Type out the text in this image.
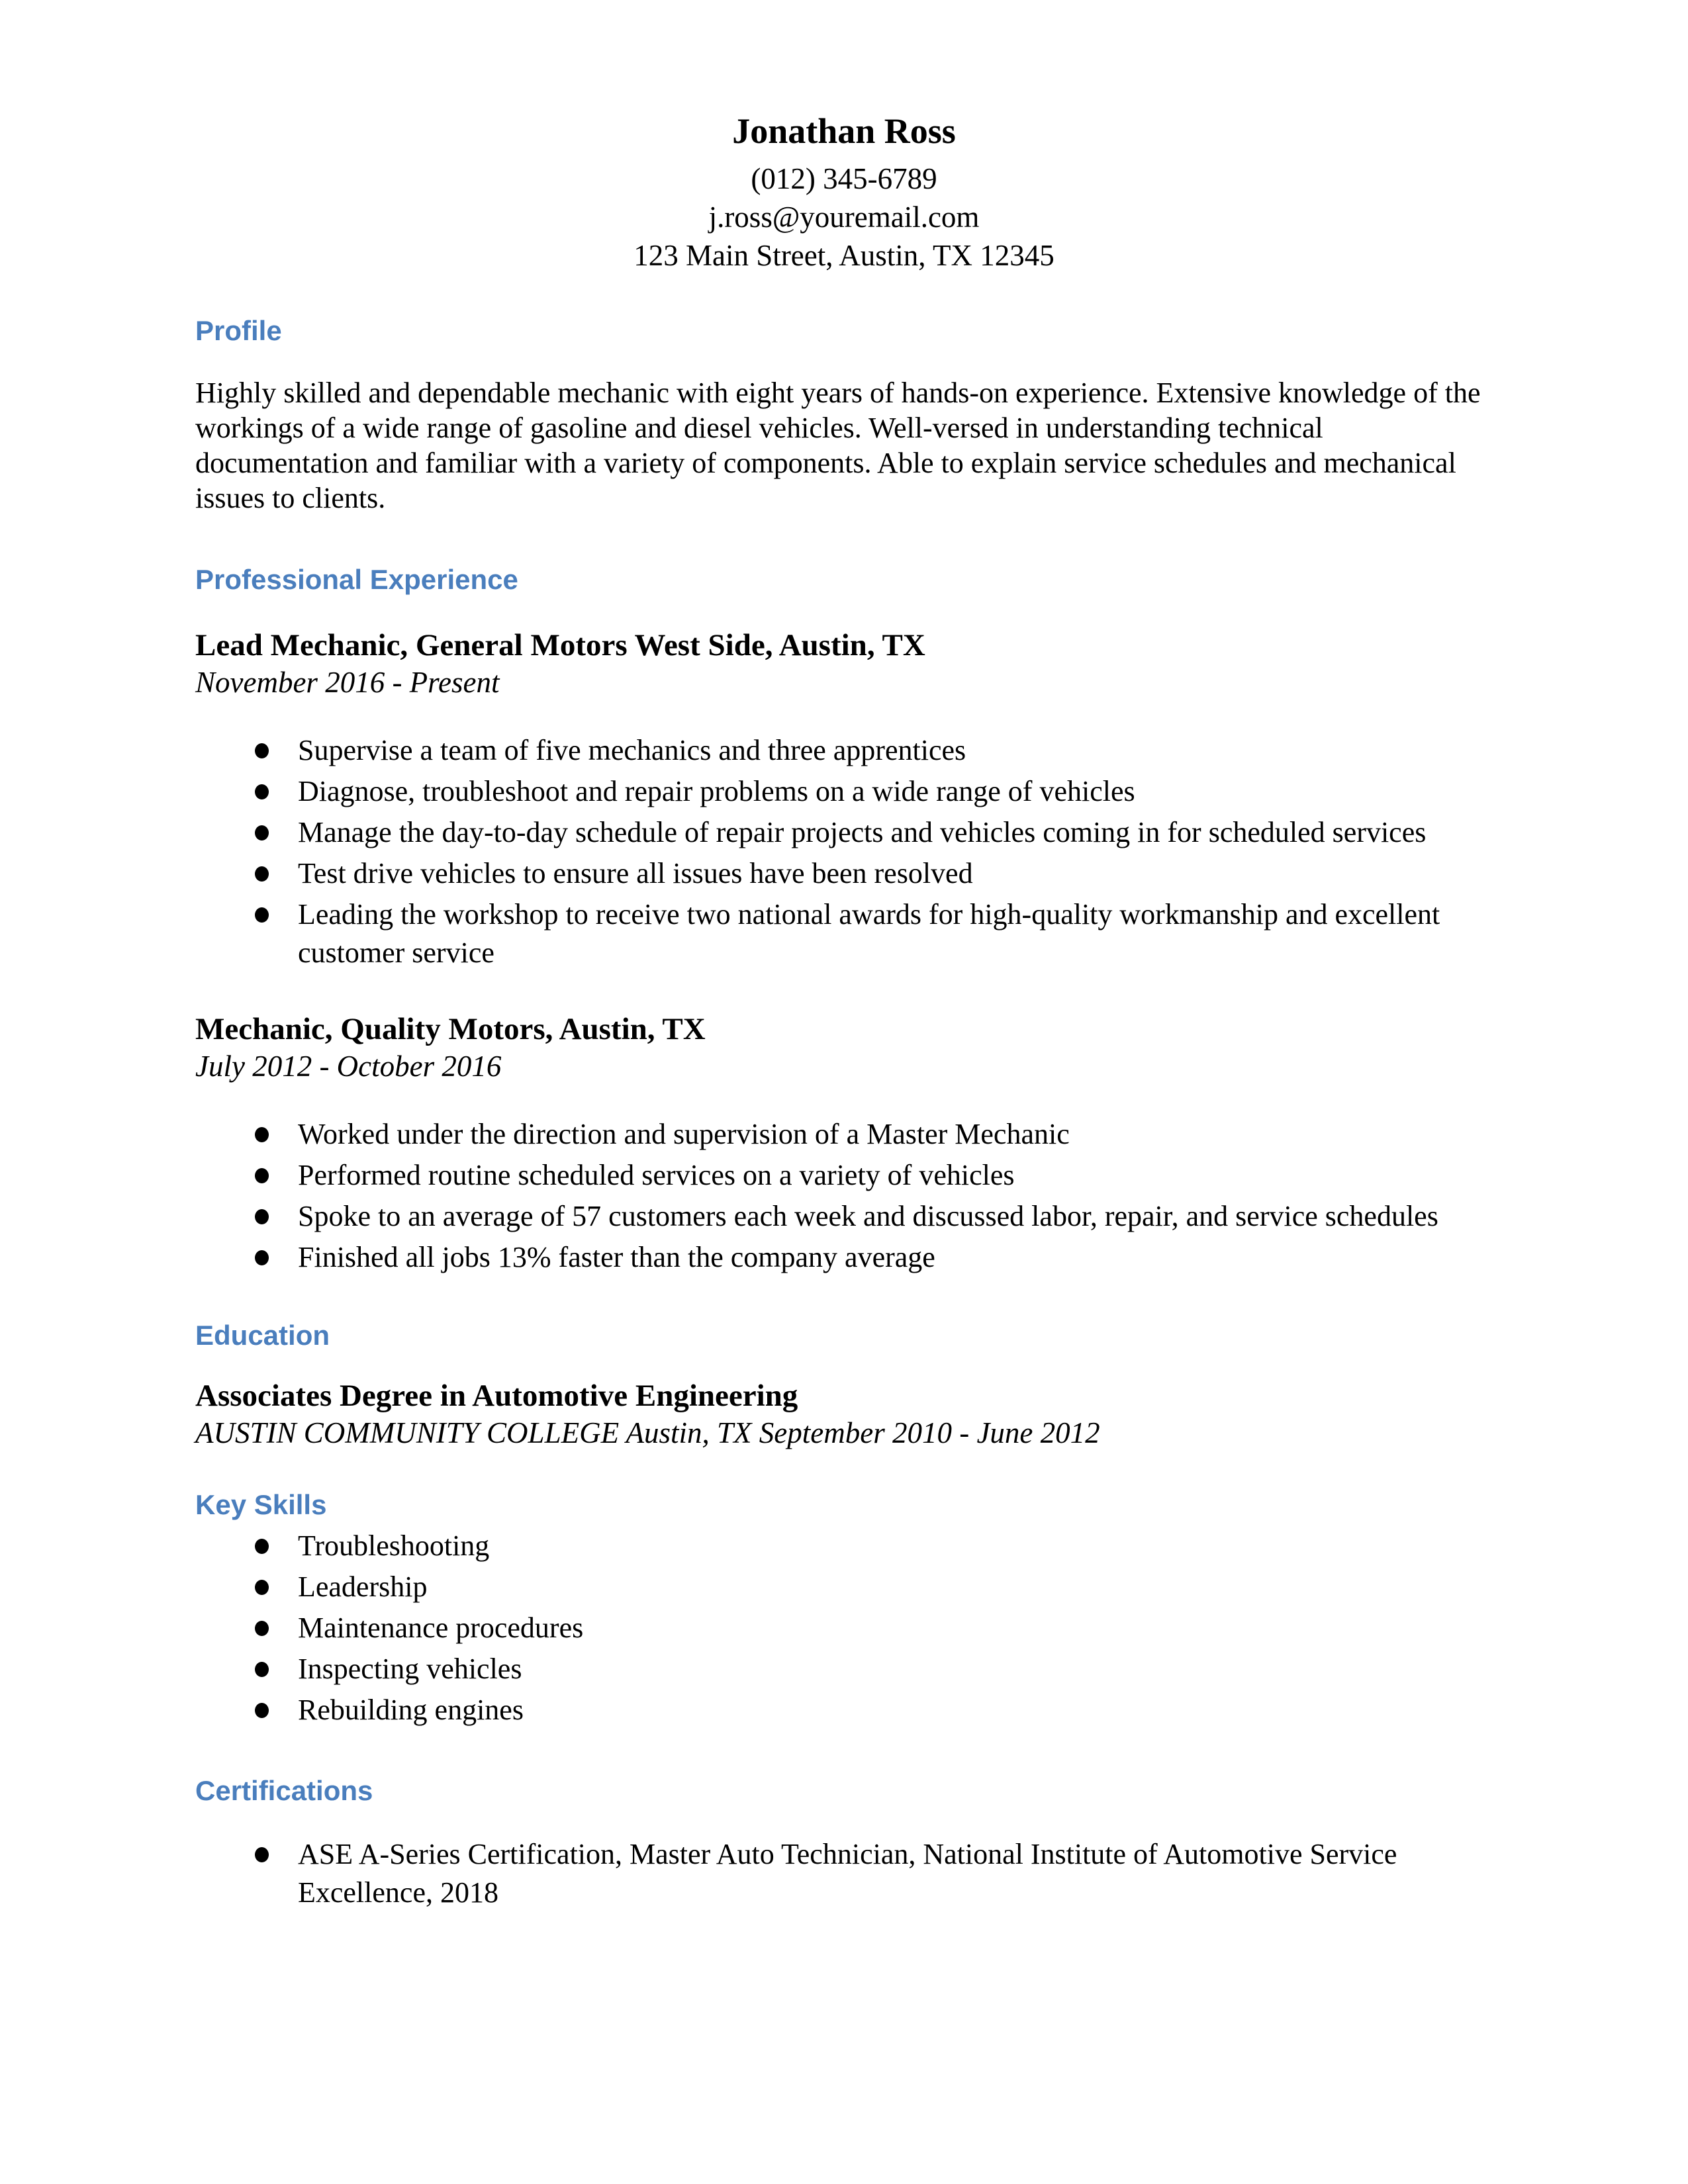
Jonathan Ross
(012) 345-6789
j.ross@youremail.com
123 Main Street, Austin, TX 12345
Profile
Highly skilled and dependable mechanic with eight years of hands-on experience. Extensive knowledge of the workings of a wide range of gasoline and diesel vehicles. Well-versed in understanding technical documentation and familiar with a variety of components. Able to explain service schedules and mechanical issues to clients.
Professional Experience
Lead Mechanic, General Motors West Side, Austin, TX
November 2016 - Present
Supervise a team of five mechanics and three apprentices
Diagnose, troubleshoot and repair problems on a wide range of vehicles
Manage the day-to-day schedule of repair projects and vehicles coming in for scheduled services
Test drive vehicles to ensure all issues have been resolved
Leading the workshop to receive two national awards for high-quality workmanship and excellent customer service
Mechanic, Quality Motors, Austin, TX
July 2012 - October 2016
Worked under the direction and supervision of a Master Mechanic
Performed routine scheduled services on a variety of vehicles
Spoke to an average of 57 customers each week and discussed labor, repair, and service schedules
Finished all jobs 13% faster than the company average
Education
Associates Degree in Automotive Engineering
AUSTIN COMMUNITY COLLEGE Austin, TX September 2010 - June 2012
Key Skills
Troubleshooting
Leadership
Maintenance procedures
Inspecting vehicles
Rebuilding engines
Certifications
ASE A-Series Certification, Master Auto Technician, National Institute of Automotive Service Excellence, 2018
